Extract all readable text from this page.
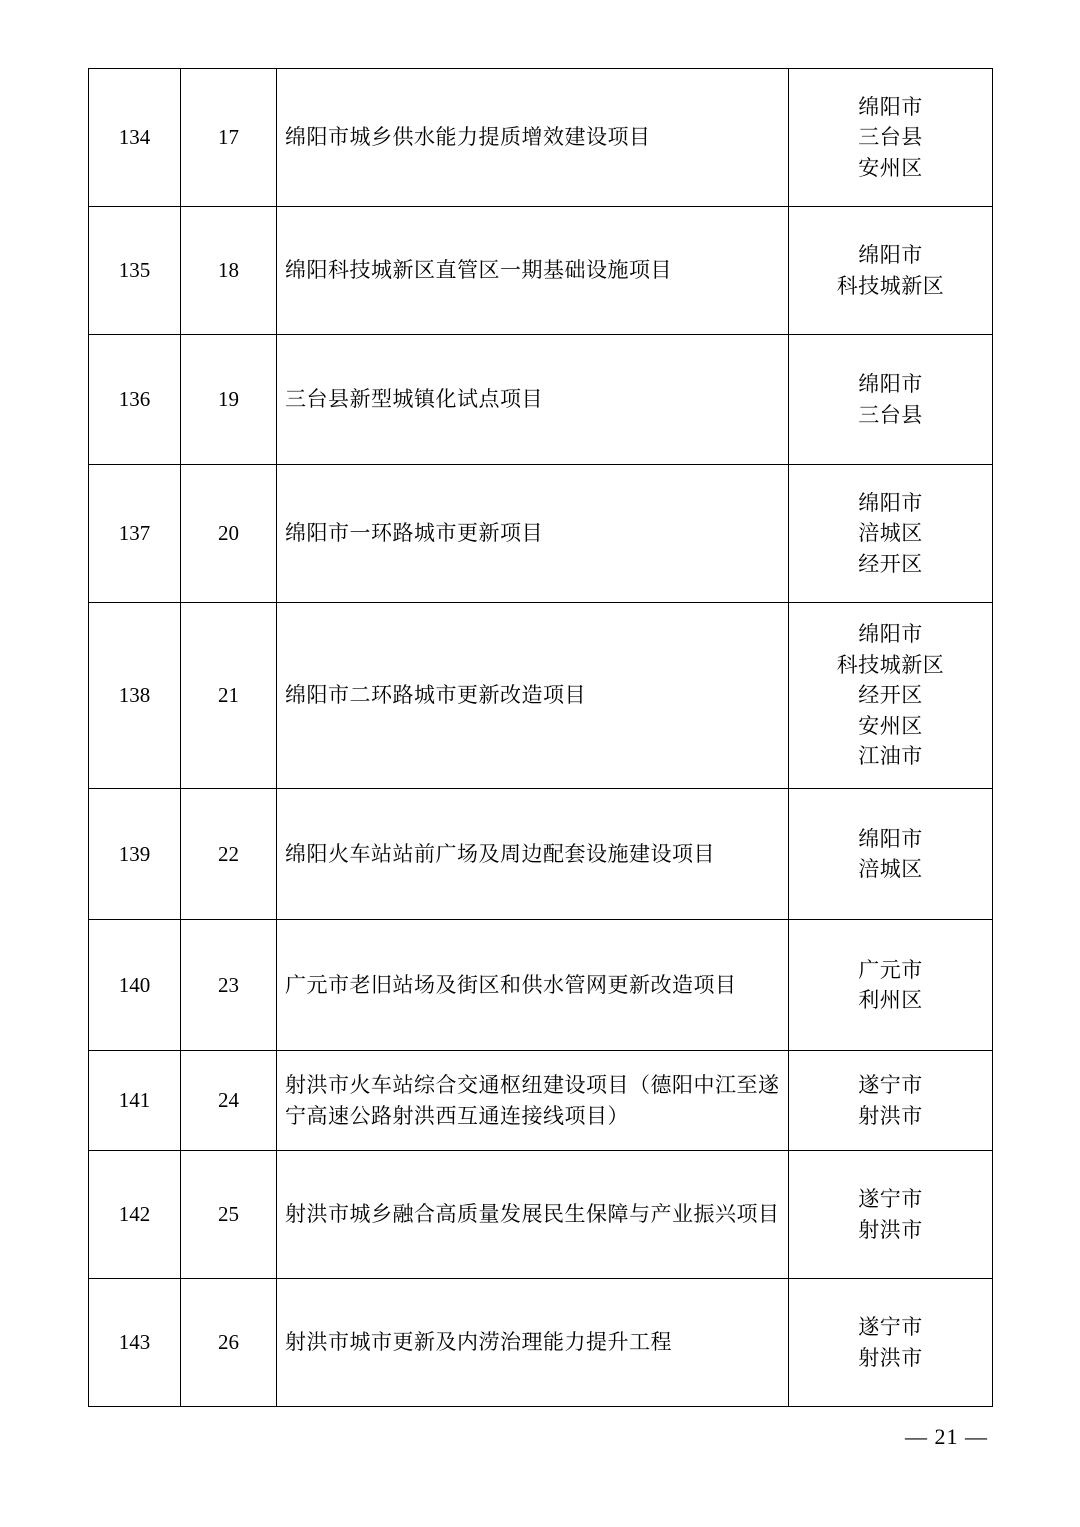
134	17	绵阳市城乡供水能力提质增效建设项目	绵阳市
三台县
安州区

135	18	绵阳科技城新区直管区一期基础设施项目	绵阳市
科技城新区

136	19	三台县新型城镇化试点项目	绵阳市
三台县

137	20	绵阳市一环路城市更新项目	绵阳市
涪城区
经开区

138	21	绵阳市二环路城市更新改造项目	绵阳市
科技城新区
经开区
安州区
江油市

139	22	绵阳火车站站前广场及周边配套设施建设项目	绵阳市
涪城区

140	23	广元市老旧站场及街区和供水管网更新改造项目	广元市
利州区

141	24	射洪市火车站综合交通枢纽建设项目（德阳中江至遂宁高速公路射洪西互通连接线项目）	遂宁市
射洪市

142	25	射洪市城乡融合高质量发展民生保障与产业振兴项目	遂宁市
射洪市

143	26	射洪市城市更新及内涝治理能力提升工程	遂宁市
射洪市
— 21 —
